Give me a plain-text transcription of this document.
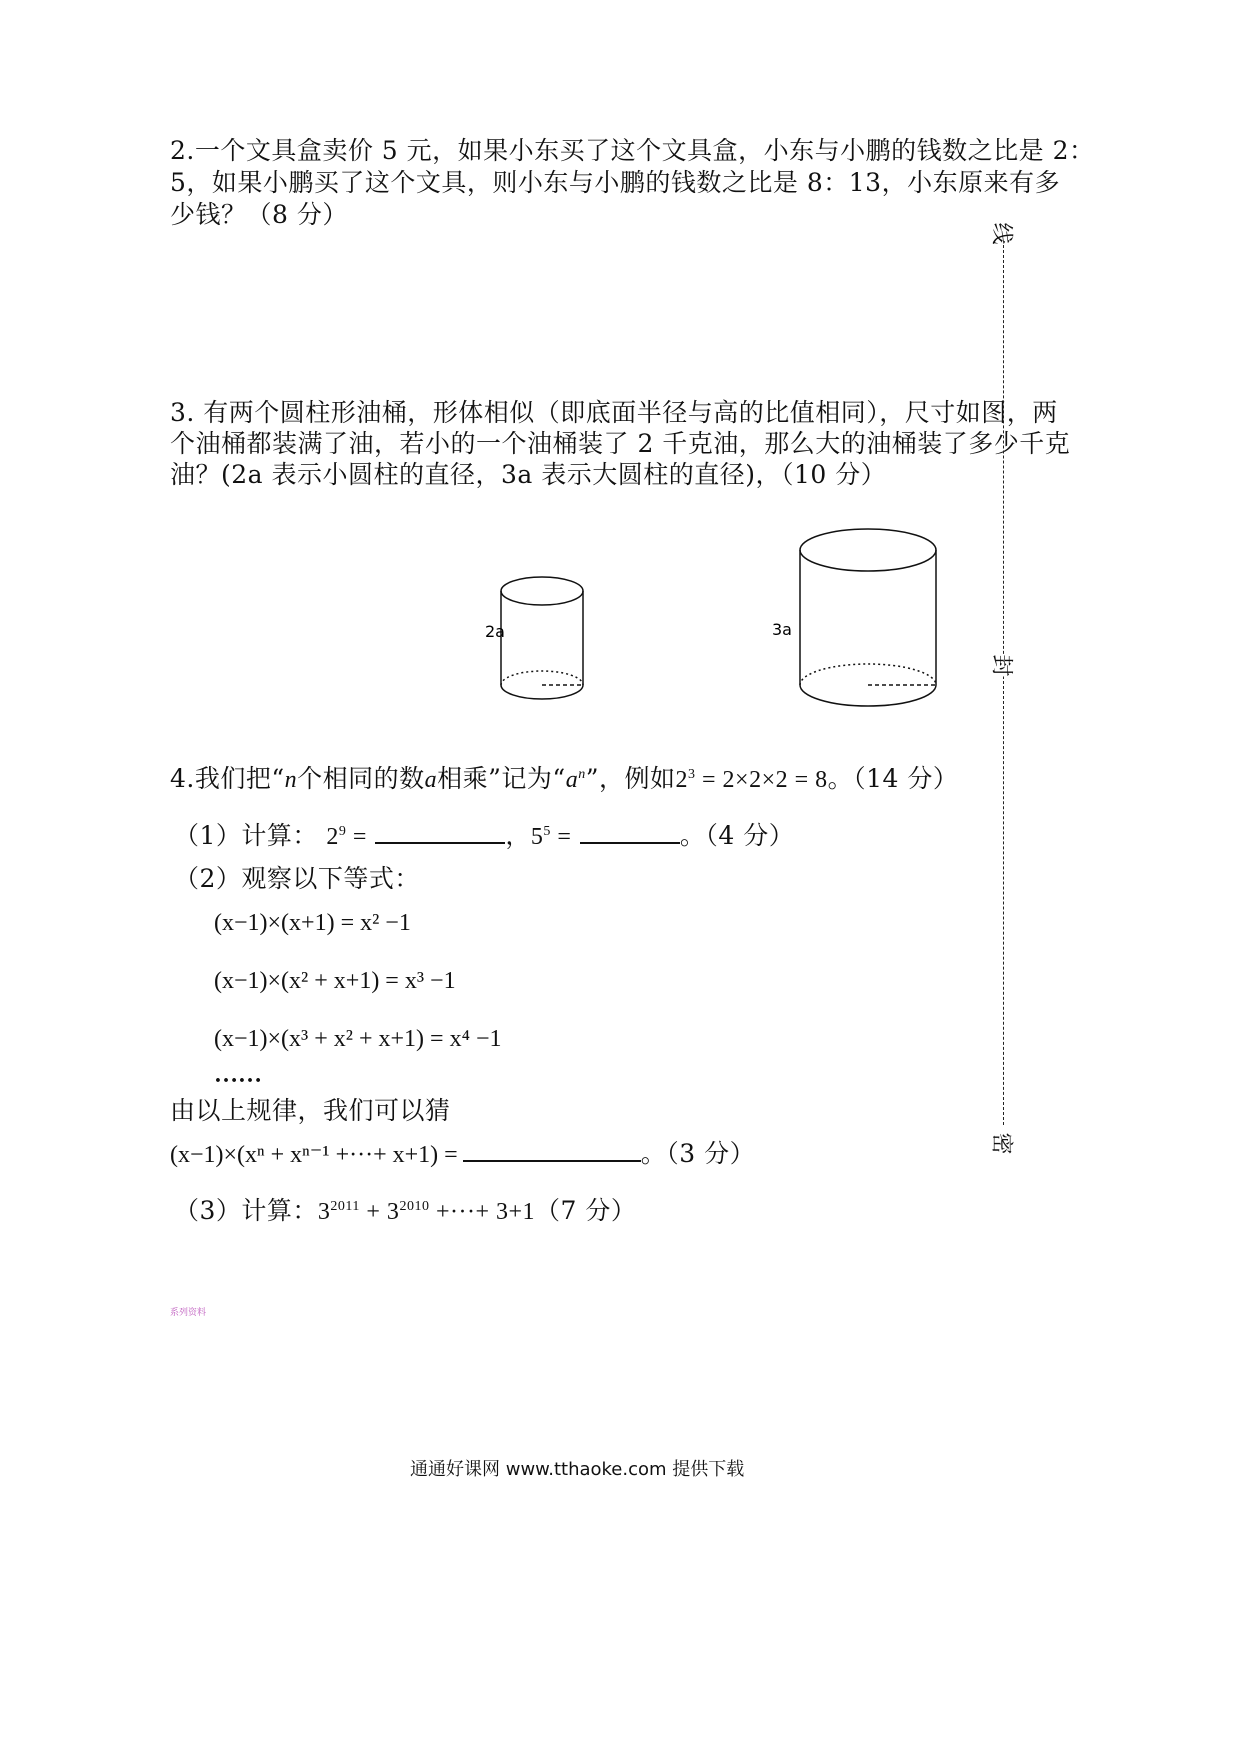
2.一个文具盒卖价 5 元，如果小东买了这个文具盒，小东与小鹏的钱数之比是 2：
5，如果小鹏买了这个文具，则小东与小鹏的钱数之比是 8：13，小东原来有多
少钱？（8 分）
3. 有两个圆柱形油桶，形体相似（即底面半径与高的比值相同），尺寸如图，两
个油桶都装满了油，若小的一个油桶装了 2 千克油，那么大的油桶装了多少千克
油？(2a 表示小圆柱的直径，3a 表示大圆柱的直径)，（10 分）
2a	3a
4.我们把“n个相同的数a相乘”记为“$a^n$”，例如$2^3 = 2\times 2\times 2 = 8$。（14 分）
（1）计算： $2^9$ =	，$5^5$ =	。（4 分）
（2）观察以下等式：
(x−1)×(x+1) = x² −1
(x−1)×(x² + x+1) = x³ −1
(x−1)×(x³ + x² + x+1) = x⁴ −1
……
由以上规律，我们可以猜
(x−1)×(xⁿ + xⁿ⁻¹ +···+ x+1) =	。（3 分）
（3）计算：$3^{2011} + 3^{2010}$ +···+ 3+1（7 分）
系列资料
线
封
密
通通好课网 www.tthaoke.com 提供下载
